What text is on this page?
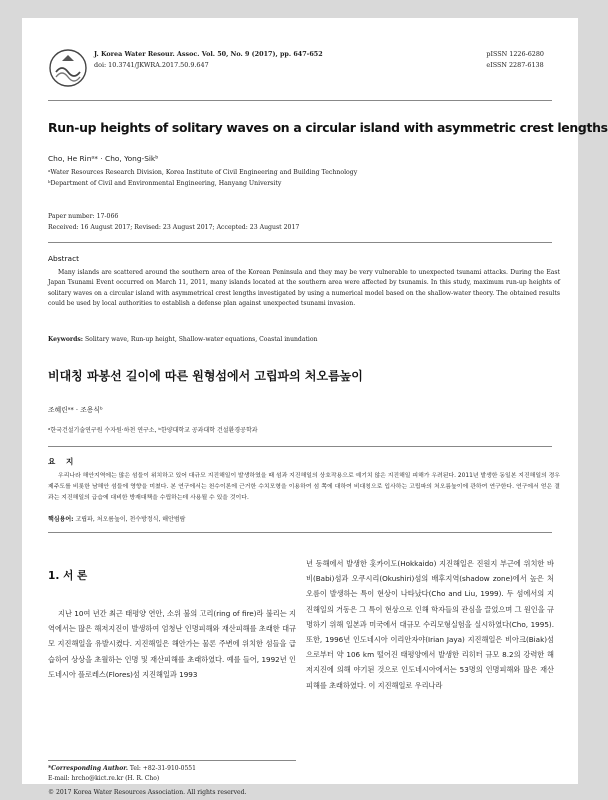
J. Korea Water Resour. Assoc. Vol. 50, No. 9 (2017), pp. 647-652
doi: 10.3741/JKWRA.2017.50.9.647
pISSN 1226-6280
eISSN 2287-6138
Run-up heights of solitary waves on a circular island with asymmetric crest lengths
Cho, He Rinᵃ* · Cho, Yong-Sikᵇ
ᵃWater Resources Research Division, Korea Institute of Civil Engineering and Building Technology
ᵇDepartment of Civil and Environmental Engineering, Hanyang University
Paper number: 17-066
Received: 16 August 2017; Revised: 23 August 2017; Accepted: 23 August 2017
Abstract
Many islands are scattered around the southern area of the Korean Peninsula and they may be very vulnerable to unexpected tsunami attacks. During the East Japan Tsunami Event occurred on March 11, 2011, many islands located at the southern area were affected by tsunamis. In this study, maximum run-up heights of solitary waves on a circular island with asymmetrical crest lengths investigated by using a numerical model based on the shallow-water theory. The obtained results could be used by local authorities to establish a defense plan against unexpected tsunami invasion.
Keywords: Solitary wave, Run-up height, Shallow-water equations, Coastal inundation
비대칭 파봉선 길이에 따른 원형섬에서 고립파의 처오름높이
조혜린ᵃ* · 조용식ᵇ
ᵃ한국건설기술연구원 수자원·하천 연구소, ᵇ한양대학교 공과대학 건설환경공학과
요 지
우리나라 해안지역에는 많은 섬들이 위치하고 있어 대규모 지진해일이 발생하였을 때 섬과 지진해일의 상호작용으로 예기치 않은 지진해일 피해가 우려된다. 2011년 발생한 동일본 지진해일의 경우 제주도를 비롯한 남해안 섬들에 영향을 미쳤다. 본 연구에서는 천수이론에 근거한 수치모형을 이용하여 섬 쪽에 대하여 비대칭으로 입사하는 고립파의 처오름높이에 관하여 연구한다. 연구에서 얻은 결과는 지진해일의 급습에 대비한 방재대책을 수립하는데 사용될 수 있을 것이다.
핵심용어: 고립파, 처오름높이, 천수방정식, 해안범람
1. 서 론
지난 10여 년간 최근 태평양 연안, 소위 불의 고리(ring of fire)라 불리는 지역에서는 많은 해저지진이 발생하여 엄청난 인명피해와 재산피해를 초래한 대규모 지진해일을 유발시켰다. 지진해일은 해안가는 물론 주변에 위치한 섬들을 급습하여 상상을 초월하는 인명 및 재산피해를 초래하였다. 예를 들어, 1992년 인도네시아 플로레스(Flores)섬 지진해일과 1993
년 동해에서 발생한 홋카이도(Hokkaido) 지진해일은 진원지 부근에 위치한 바비(Babi)섬과 오쿠시리(Okushiri)섬의 배후지역(shadow zone)에서 높은 처오름이 발생하는 특이 현상이 나타났다(Cho and Liu, 1999). 두 섬에서의 지진해일의 거동은 그 특이 현상으로 인해 학자들의 관심을 끌었으며 그 원인을 규명하기 위해 일본과 미국에서 대규모 수리모형실험을 실시하였다(Cho, 1995). 또한, 1996년 인도네시아 이리안자야(Irian Jaya) 지진해일은 비아크(Biak)섬으로부터 약 106 km 떨어진 태평양에서 발생한 리히터 규모 8.2의 강력한 해저지진에 의해 야기된 것으로 인도네시아에서는 53명의 인명피해와 많은 재산피해를 초래하였다. 이 지진해일로 우리나라
*Corresponding Author. Tel: +82-31-910-0551
E-mail: hrcho@kict.re.kr (H. R. Cho)
© 2017 Korea Water Resources Association. All rights reserved.
